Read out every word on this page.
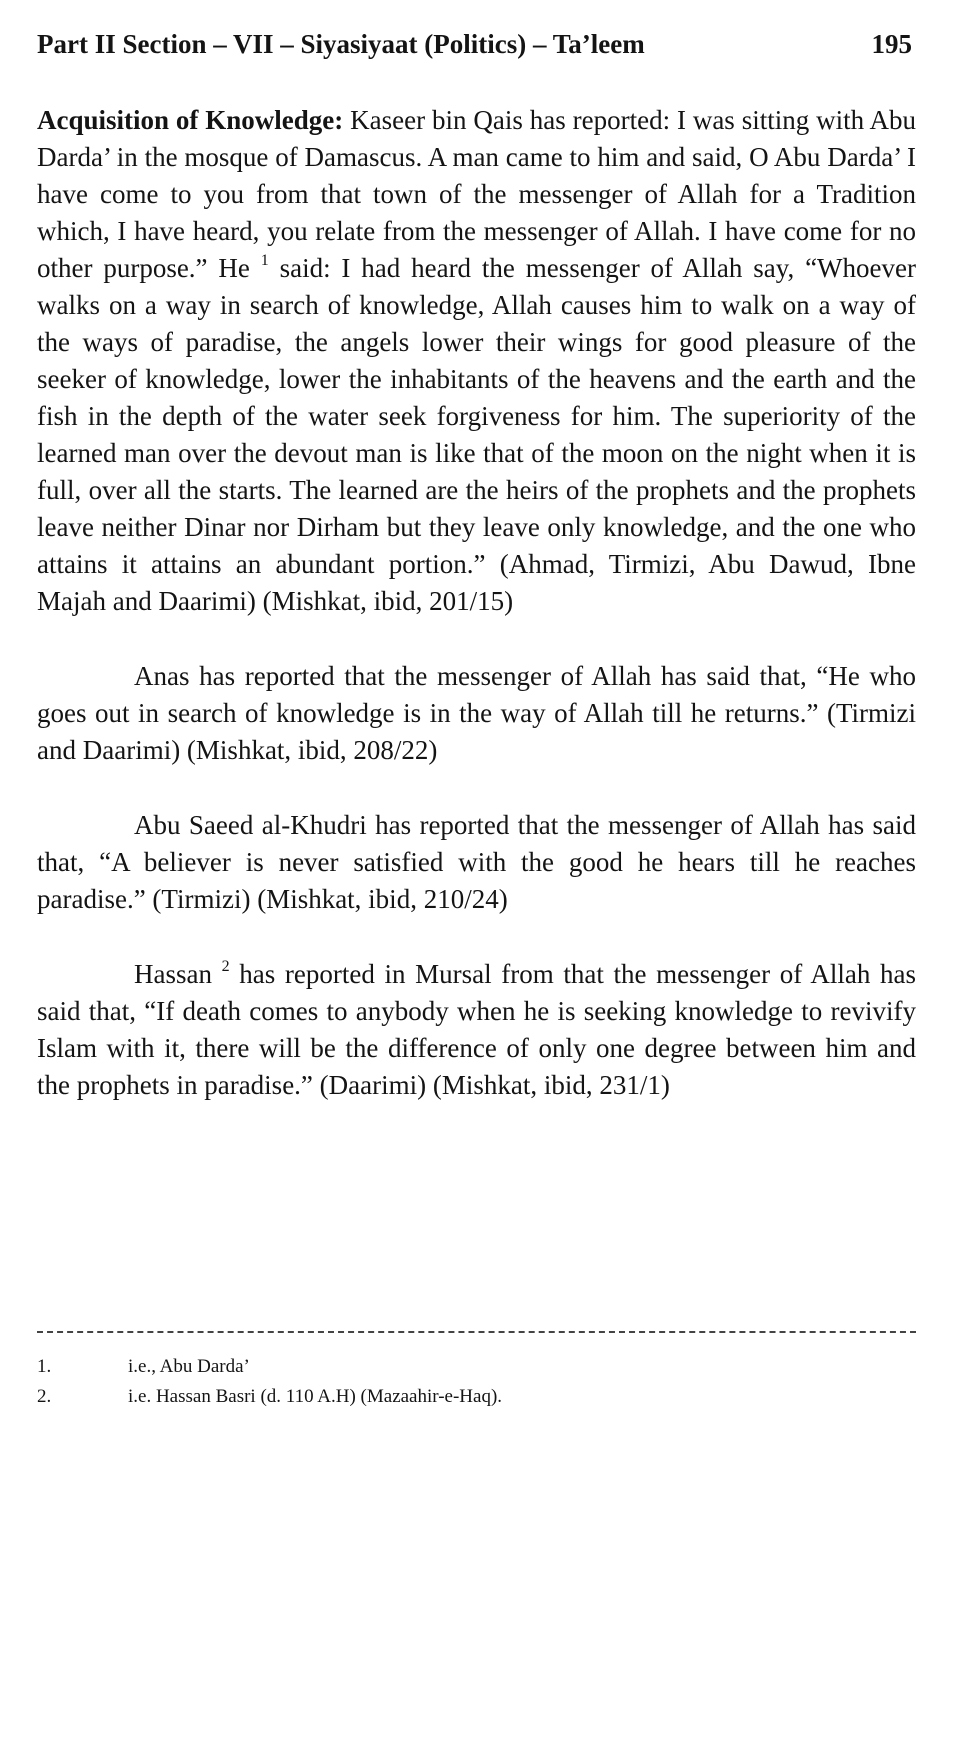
Part II Section – VII – Siyasiyaat (Politics) – Ta’leem	195

Acquisition of Knowledge: Kaseer bin Qais has reported: I was sitting with Abu Darda’ in the mosque of Damascus. A man came to him and said, O Abu Darda’ I have come to you from that town of the messenger of Allah for a Tradition which, I have heard, you relate from the messenger of Allah. I have come for no other purpose.” He $^1$ said: I had heard the messenger of Allah say, “Whoever walks on a way in search of knowledge, Allah causes him to walk on a way of the ways of paradise, the angels lower their wings for good pleasure of the seeker of knowledge, lower the inhabitants of the heavens and the earth and the fish in the depth of the water seek forgiveness for him. The superiority of the learned man over the devout man is like that of the moon on the night when it is full, over all the starts. The learned are the heirs of the prophets and the prophets leave neither Dinar nor Dirham but they leave only knowledge, and the one who attains it attains an abundant portion.” (Ahmad, Tirmizi, Abu Dawud, Ibne Majah and Daarimi) (Mishkat, ibid, 201/15)

Anas has reported that the messenger of Allah has said that, “He who goes out in search of knowledge is in the way of Allah till he returns.” (Tirmizi and Daarimi) (Mishkat, ibid, 208/22)

Abu Saeed al-Khudri has reported that the messenger of Allah has said that, “A believer is never satisfied with the good he hears till he reaches paradise.” (Tirmizi) (Mishkat, ibid, 210/24)

Hassan $^2$ has reported in Mursal from that the messenger of Allah has said that, “If death comes to anybody when he is seeking knowledge to revivify Islam with it, there will be the difference of only one degree between him and the prophets in paradise.” (Daarimi) (Mishkat, ibid, 231/1)

1.	i.e., Abu Darda’
2.	i.e. Hassan Basri (d. 110 A.H) (Mazaahir-e-Haq).
